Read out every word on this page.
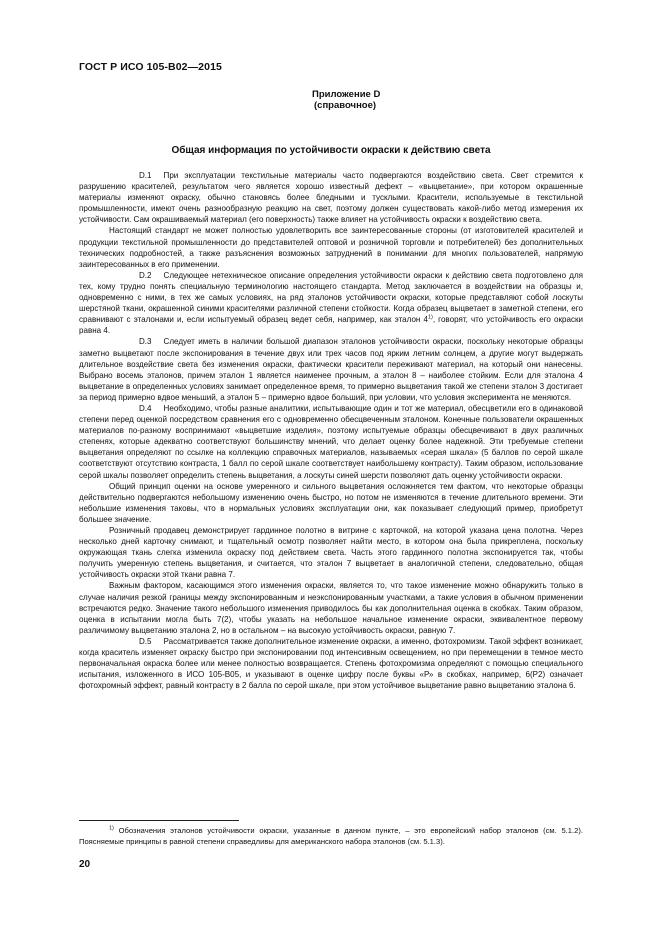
ГОСТ Р ИСО 105-В02—2015
Приложение D
(справочное)
Общая информация по устойчивости окраски к действию света

D.1 При эксплуатации текстильные материалы часто подвергаются воздействию света. Свет стремится к разрушению красителей, результатом чего является хорошо известный дефект – «выцветание», при котором окрашенные материалы изменяют окраску, обычно становясь более бледными и тусклыми. Красители, используемые в текстильной промышленности, имеют очень разнообразную реакцию на свет, поэтому должен существовать какой-либо метод измерения их устойчивости. Сам окрашиваемый материал (его поверхность) также влияет на устойчивость окраски к воздействию света.

Настоящий стандарт не может полностью удовлетворить все заинтересованные стороны (от изготовителей красителей и продукции текстильной промышленности до представителей оптовой и розничной торговли и потребителей) без дополнительных технических подробностей, а также разъяснения возможных затруднений в понимании для многих пользователей, напрямую заинтересованных в его применении.

D.2 Следующее нетехническое описание определения устойчивости окраски к действию света подготовлено для тех, кому трудно понять специальную терминологию настоящего стандарта. Метод заключается в воздействии на образцы и, одновременно с ними, в тех же самых условиях, на ряд эталонов устойчивости окраски, которые представляют собой лоскуты шерстяной ткани, окрашенной синими красителями различной степени стойкости. Когда образец выцветает в заметной степени, его сравнивают с эталонами и, если испытуемый образец ведет себя, например, как эталон 4$^{1)}$, говорят, что устойчивость его окраски равна 4.

D.3 Следует иметь в наличии большой диапазон эталонов устойчивости окраски, поскольку некоторые образцы заметно выцветают после экспонирования в течение двух или трех часов под ярким летним солнцем, а другие могут выдержать длительное воздействие света без изменения окраски, фактически красители переживают материал, на который они нанесены. Выбрано восемь эталонов, причем эталон 1 является наименее прочным, а эталон 8 – наиболее стойким. Если для эталона 4 выцветание в определенных условиях занимает определенное время, то примерно выцветания такой же степени эталон 3 достигает за период примерно вдвое меньший, а эталон 5 – примерно вдвое больший, при условии, что условия эксперимента не меняются.

D.4 Необходимо, чтобы разные аналитики, испытывающие один и тот же материал, обесцветили его в одинаковой степени перед оценкой посредством сравнения его с одновременно обесцвеченным эталоном. Конечные пользователи окрашенных материалов по-разному воспринимают «выцветшие изделия», поэтому испытуемые образцы обесцвечивают в двух различных степенях, которые адекватно соответствуют большинству мнений, что делает оценку более надежной. Эти требуемые степени выцветания определяют по ссылке на коллекцию справочных материалов, называемых «серая шкала» (5 баллов по серой шкале соответствуют отсутствию контраста, 1 балл по серой шкале соответствует наибольшему контрасту). Таким образом, использование серой шкалы позволяет определить степень выцветания, а лоскуты синей шерсти позволяют дать оценку устойчивости окраски.

Общий принцип оценки на основе умеренного и сильного выцветания осложняется тем фактом, что некоторые образцы действительно подвергаются небольшому изменению очень быстро, но потом не изменяются в течение длительного времени. Эти небольшие изменения таковы, что в нормальных условиях эксплуатации они, как показывает следующий пример, приобретут большее значение.

Розничный продавец демонстрирует гардинное полотно в витрине с карточкой, на которой указана цена полотна. Через несколько дней карточку снимают, и тщательный осмотр позволяет найти место, в котором она была прикреплена, поскольку окружающая ткань слегка изменила окраску под действием света. Часть этого гардинного полотна экспонируется так, чтобы получить умеренную степень выцветания, и считается, что эталон 7 выцветает в аналогичной степени, следовательно, общая устойчивость окраски этой ткани равна 7.

Важным фактором, касающимся этого изменения окраски, является то, что такое изменение можно обнаружить только в случае наличия резкой границы между экспонированным и неэкспонированным участками, а такие условия в обычном применении встречаются редко. Значение такого небольшого изменения приводилось бы как дополнительная оценка в скобках. Таким образом, оценка в испытании могла быть 7(2), чтобы указать на небольшое начальное изменение окраски, эквивалентное первому различимому выцветанию эталона 2, но в остальном – на высокую устойчивость окраски, равную 7.

D.5 Рассматривается также дополнительное изменение окраски, а именно, фотохромизм. Такой эффект возникает, когда краситель изменяет окраску быстро при экспонировании под интенсивным освещением, но при перемещении в темное место первоначальная окраска более или менее полностью возвращается. Степень фотохромизма определяют с помощью специального испытания, изложенного в ИСО 105-В05, и указывают в оценке цифру после буквы «Р» в скобках, например, 6(Р2) означает фотохромный эффект, равный контрасту в 2 балла по серой шкале, при этом устойчивое выцветание равно выцветанию эталона 6.

$^{1)}$ Обозначения эталонов устойчивости окраски, указанные в данном пункте, – это европейский набор эталонов (см. 5.1.2). Поясняемые принципы в равной степени справедливы для американского набора эталонов (см. 5.1.3).
20
